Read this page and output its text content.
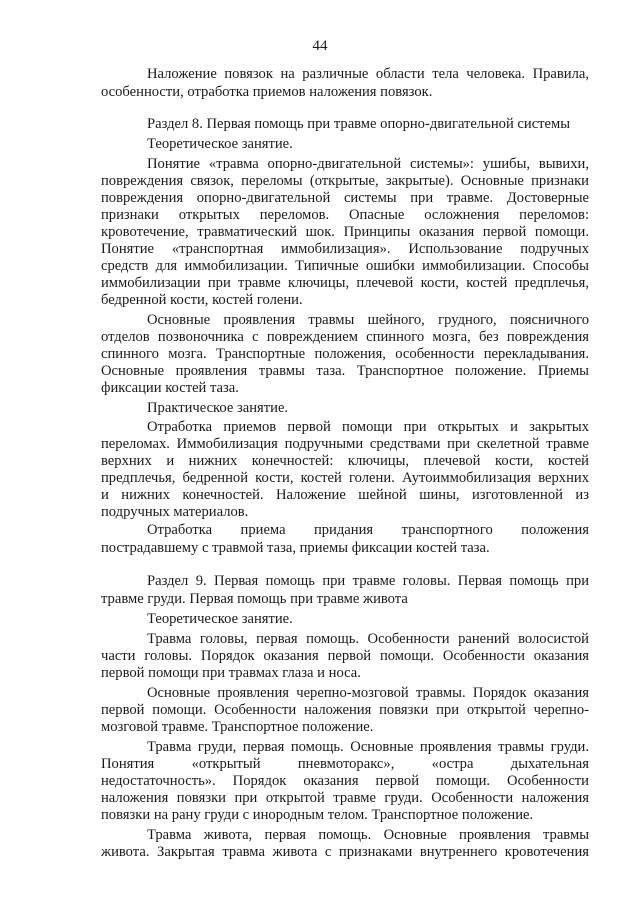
44
Наложение повязок на различные области тела человека. Правила,
особенности, отработка приемов наложения повязок.
Раздел 8. Первая помощь при травме опорно-двигательной системы
Теоретическое занятие.
Понятие «травма опорно-двигательной системы»: ушибы, вывихи,
повреждения связок, переломы (открытые, закрытые). Основные признаки
повреждения опорно-двигательной системы при травме. Достоверные
признаки открытых переломов. Опасные осложнения переломов:
кровотечение, травматический шок. Принципы оказания первой помощи.
Понятие «транспортная иммобилизация». Использование подручных
средств для иммобилизации. Типичные ошибки иммобилизации. Способы
иммобилизации при травме ключицы, плечевой кости, костей предплечья,
бедренной кости, костей голени.
Основные проявления травмы шейного, грудного, поясничного
отделов позвоночника с повреждением спинного мозга, без повреждения
спинного мозга. Транспортные положения, особенности перекладывания.
Основные проявления травмы таза. Транспортное положение. Приемы
фиксации костей таза.
Практическое занятие.
Отработка приемов первой помощи при открытых и закрытых
переломах. Иммобилизация подручными средствами при скелетной травме
верхних и нижних конечностей: ключицы, плечевой кости, костей
предплечья, бедренной кости, костей голени. Аутоиммобилизация верхних
и нижних конечностей. Наложение шейной шины, изготовленной из
подручных материалов.
Отработка приема придания транспортного положения
пострадавшему с травмой таза, приемы фиксации костей таза.
Раздел 9. Первая помощь при травме головы. Первая помощь при
травме груди. Первая помощь при травме живота
Теоретическое занятие.
Травма головы, первая помощь. Особенности ранений волосистой
части головы. Порядок оказания первой помощи. Особенности оказания
первой помощи при травмах глаза и носа.
Основные проявления черепно-мозговой травмы. Порядок оказания
первой помощи. Особенности наложения повязки при открытой черепно-
мозговой травме. Транспортное положение.
Травма груди, первая помощь. Основные проявления травмы груди.
Понятия «открытый пневмоторакс», «остра дыхательная
недостаточность». Порядок оказания первой помощи. Особенности
наложения повязки при открытой травме груди. Особенности наложения
повязки на рану груди с инородным телом. Транспортное положение.
Травма живота, первая помощь. Основные проявления травмы
живота. Закрытая травма живота с признаками внутреннего кровотечения
